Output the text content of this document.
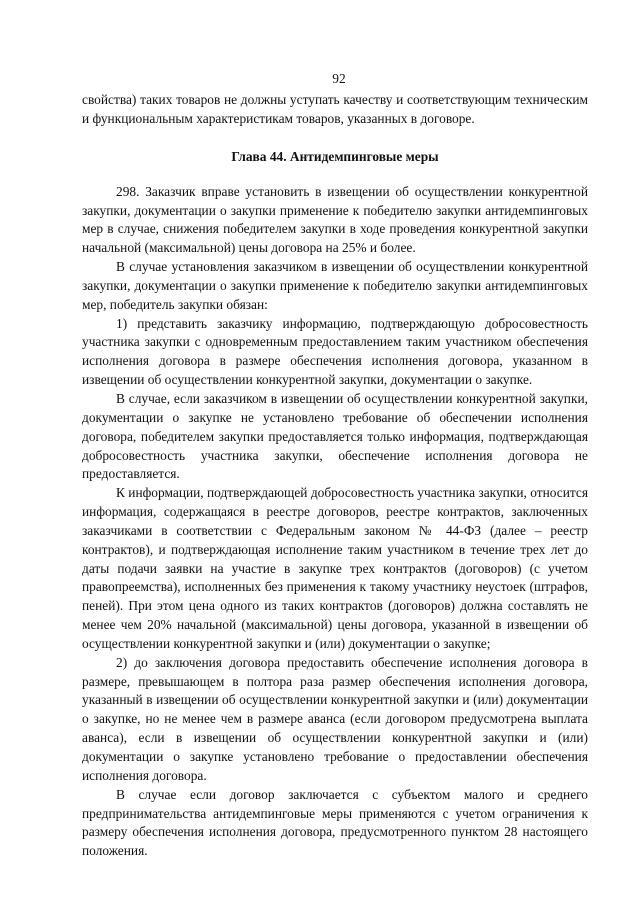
92

свойства) таких товаров не должны уступать качеству и соответствующим техническим и функциональным характеристикам товаров, указанных в договоре.

Глава 44. Антидемпинговые меры

298. Заказчик вправе установить в извещении об осуществлении конкурентной закупки, документации о закупки применение к победителю закупки антидемпинговых мер в случае, снижения победителем закупки в ходе проведения конкурентной закупки начальной (максимальной) цены договора на 25% и более.

В случае установления заказчиком в извещении об осуществлении конкурентной закупки, документации о закупки применение к победителю закупки антидемпинговых мер, победитель закупки обязан:

1) представить заказчику информацию, подтверждающую добросовестность участника закупки с одновременным предоставлением таким участником обеспечения исполнения договора в размере обеспечения исполнения договора, указанном в извещении об осуществлении конкурентной закупки, документации о закупке.

В случае, если заказчиком в извещении об осуществлении конкурентной закупки, документации о закупке не установлено требование об обеспечении исполнения договора, победителем закупки предоставляется только информация, подтверждающая добросовестность участника закупки, обеспечение исполнения договора не предоставляется.

К информации, подтверждающей добросовестность участника закупки, относится информация, содержащаяся в реестре договоров, реестре контрактов, заключенных заказчиками в соответствии с Федеральным законом № 44-ФЗ (далее – реестр контрактов), и подтверждающая исполнение таким участником в течение трех лет до даты подачи заявки на участие в закупке трех контрактов (договоров) (с учетом правопреемства), исполненных без применения к такому участнику неустоек (штрафов, пеней). При этом цена одного из таких контрактов (договоров) должна составлять не менее чем 20% начальной (максимальной) цены договора, указанной в извещении об осуществлении конкурентной закупки и (или) документации о закупке;

2) до заключения договора предоставить обеспечение исполнения договора в размере, превышающем в полтора раза размер обеспечения исполнения договора, указанный в извещении об осуществлении конкурентной закупки и (или) документации о закупке, но не менее чем в размере аванса (если договором предусмотрена выплата аванса), если в извещении об осуществлении конкурентной закупки и (или) документации о закупке установлено требование о предоставлении обеспечения исполнения договора.

В случае если договор заключается с субъектом малого и среднего предпринимательства антидемпинговые меры применяются с учетом ограничения к размеру обеспечения исполнения договора, предусмотренного пунктом 28 настоящего положения.
